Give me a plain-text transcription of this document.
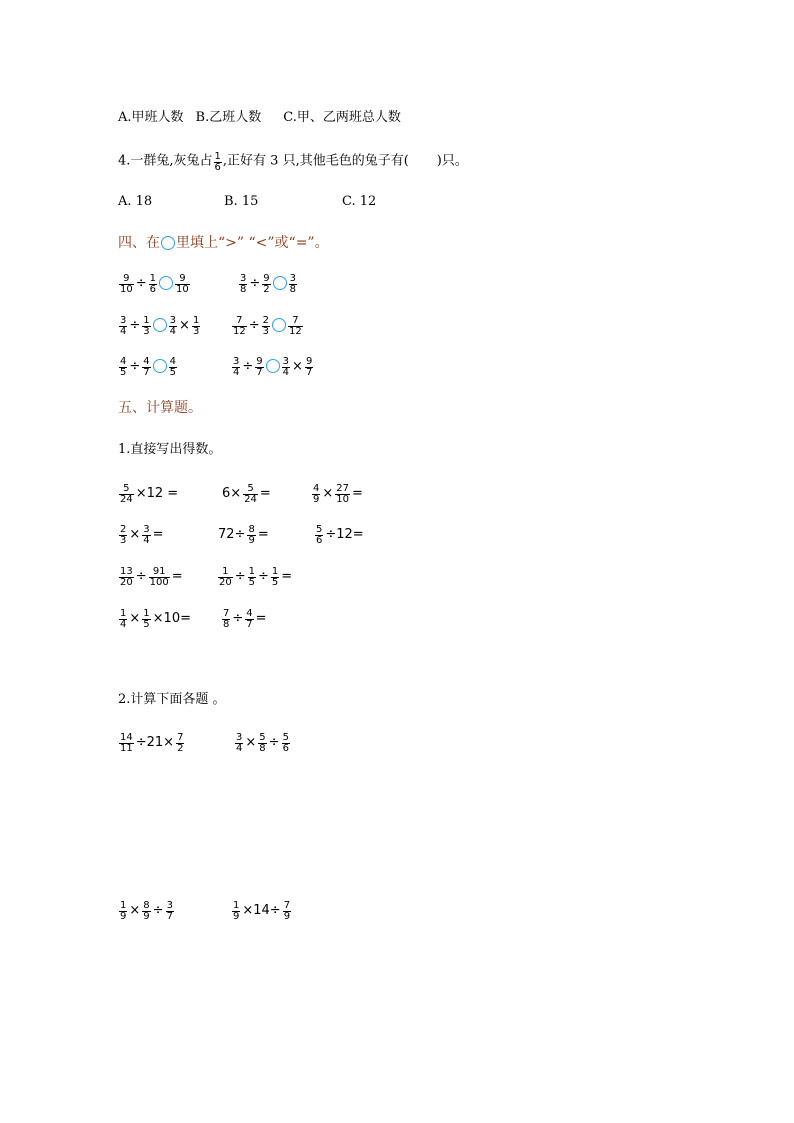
A.甲班人数 B.乙班人数 C.甲、乙两班总人数
4.一群兔,灰兔占 $\frac{1}{6}$ ,正好有 3 只,其他毛色的兔子有( )只。
A. 18	B. 15	C. 12
四、在 里填上“>” “<”或“=”。
$\frac{9}{10} \div \frac{1}{6} \frac{9}{10}$	$\frac{3}{8} \div \frac{9}{2} \frac{3}{8}$
$\frac{3}{4} \div \frac{1}{3} \frac{3}{4} \times \frac{1}{3}$	$\frac{7}{12} \div \frac{2}{3} \frac{7}{12}$
$\frac{4}{5} \div \frac{4}{7} \frac{4}{5}$	$\frac{3}{4} \div \frac{9}{7} \frac{3}{4} \times \frac{9}{7}$
五、计算题。
1.直接写出得数。
$\frac{5}{24} \times 12$ =	$6\times \frac{5}{24}$ =	$\frac{4}{9} \times \frac{27}{10}$ =
$\frac{2}{3} \times \frac{3}{4}$ =	$72\div \frac{8}{9}$ =	$\frac{5}{6} \div 12=$
$\frac{13}{20} \div \frac{91}{100}$ =	$\frac{1}{20} \div \frac{1}{5} \div \frac{1}{5}$ =
$\frac{1}{4} \times \frac{1}{5} \times 10=$	$\frac{7}{8} \div \frac{4}{7}$ =
2.计算下面各题 。
$\frac{14}{11} \div 21\times \frac{7}{2}$	$\frac{3}{4} \times \frac{5}{8} \div \frac{5}{6}$
$\frac{1}{9} \times \frac{8}{9} \div \frac{3}{7}$	$\frac{1}{9} \times 14\div \frac{7}{9}$
